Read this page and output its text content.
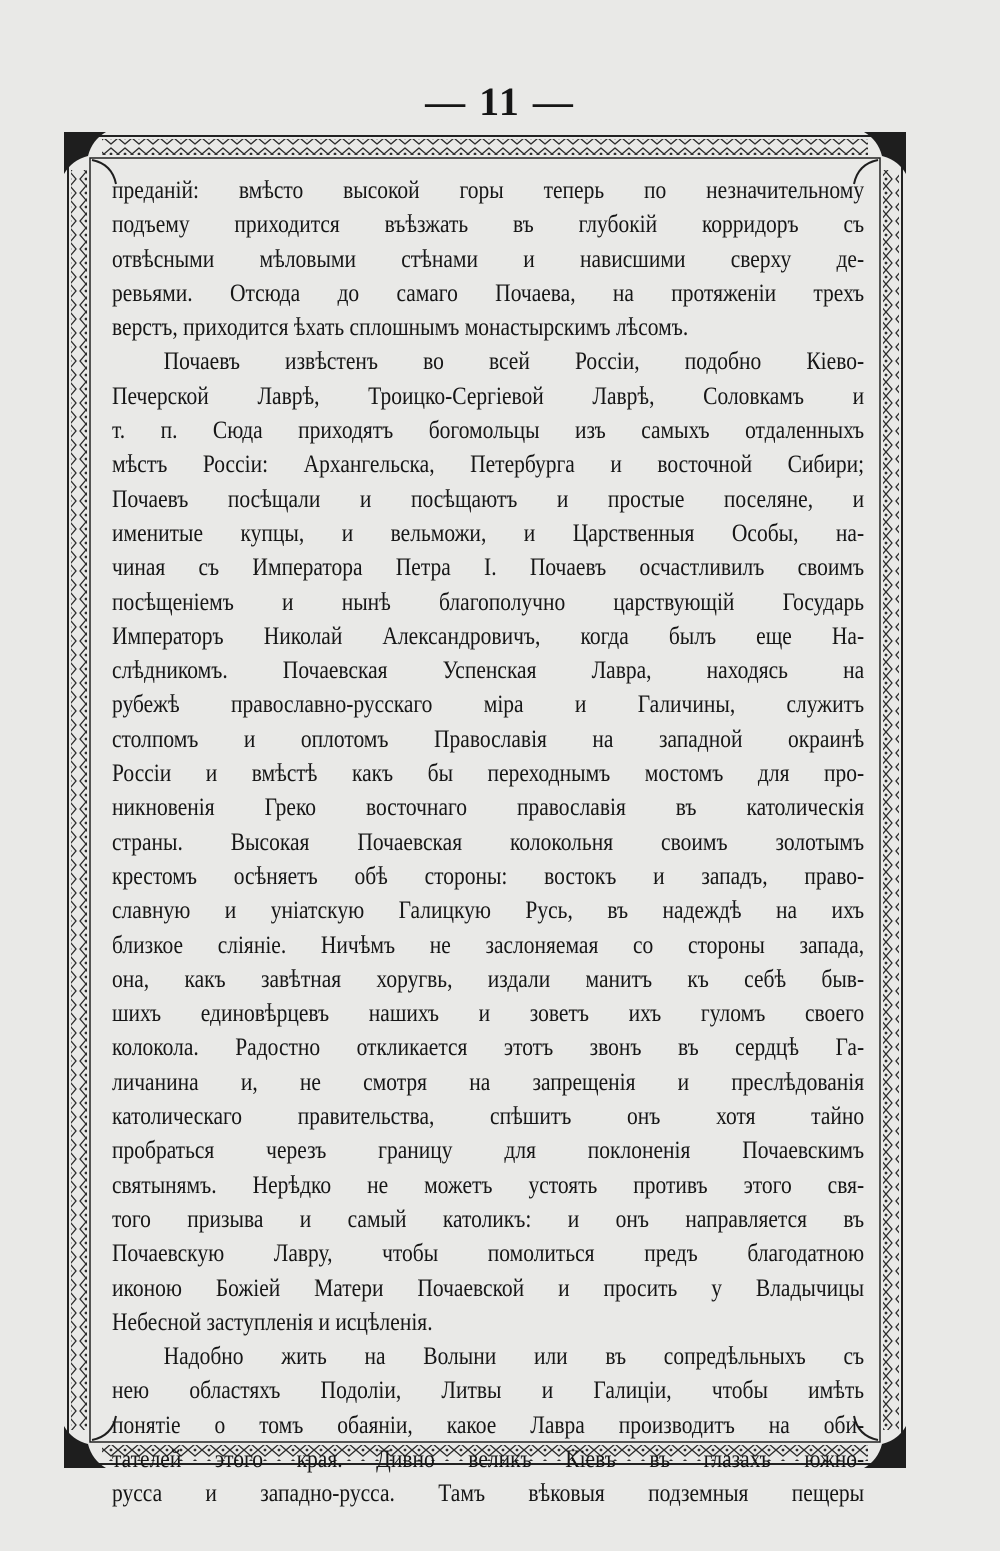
— 11 —
преданій: вмѣсто высокой горы теперь по незначительному
подъему приходится въѣзжать въ глубокій корридоръ съ
отвѣсными мѣловыми стѣнами и нависшими сверху де-
ревьями. Отсюда до самаго Почаева, на протяженіи трехъ
верстъ, приходится ѣхать сплошнымъ монастырскимъ лѣсомъ.
Почаевъ извѣстенъ во всей Россіи, подобно Кіево-
Печерской Лаврѣ, Троицко-Сергіевой Лаврѣ, Соловкамъ и
т. п. Сюда приходятъ богомольцы изъ самыхъ отдаленныхъ
мѣстъ Россіи: Архангельска, Петербурга и восточной Сибири;
Почаевъ посѣщали и посѣщаютъ и простые поселяне, и
именитые купцы, и вельможи, и Царственныя Особы, на-
чиная съ Императора Петра I. Почаевъ осчастливилъ своимъ
посѣщеніемъ и нынѣ благополучно царствующій Государь
Императоръ Николай Александровичъ, когда былъ еще На-
слѣдникомъ. Почаевская Успенская Лавра, находясь на
рубежѣ православно-русскаго міра и Галичины, служитъ
столпомъ и оплотомъ Православія на западной окраинѣ
Россіи и вмѣстѣ какъ бы переходнымъ мостомъ для про-
никновенія Греко восточнаго православія въ католическія
страны. Высокая Почаевская колокольня своимъ золотымъ
крестомъ осѣняетъ обѣ стороны: востокъ и западъ, право-
славную и уніатскую Галицкую Русь, въ надеждѣ на ихъ
близкое сліяніе. Ничѣмъ не заслоняемая со стороны запада,
она, какъ завѣтная хоругвь, издали манитъ къ себѣ быв-
шихъ единовѣрцевъ нашихъ и зоветъ ихъ гуломъ своего
колокола. Радостно откликается этотъ звонъ въ сердцѣ Га-
личанина и, не смотря на запрещенія и преслѣдованія
католическаго правительства, спѣшитъ онъ хотя тайно
пробраться черезъ границу для поклоненія Почаевскимъ
святынямъ. Нерѣдко не можетъ устоять противъ этого свя-
того призыва и самый католикъ: и онъ направляется въ
Почаевскую Лавру, чтобы помолиться предъ благодатною
иконою Божіей Матери Почаевской и просить у Владычицы
Небесной заступленія и исцѣленія.
Надобно жить на Волыни или въ сопредѣльныхъ съ
нею областяхъ Подоліи, Литвы и Галиціи, чтобы имѣть
понятіе о томъ обаяніи, какое Лавра производитъ на оби-
тателей этого края. Дивно великъ Кіевъ въ глазахъ южно-
русса и западно-русса. Тамъ вѣковыя подземныя пещеры
